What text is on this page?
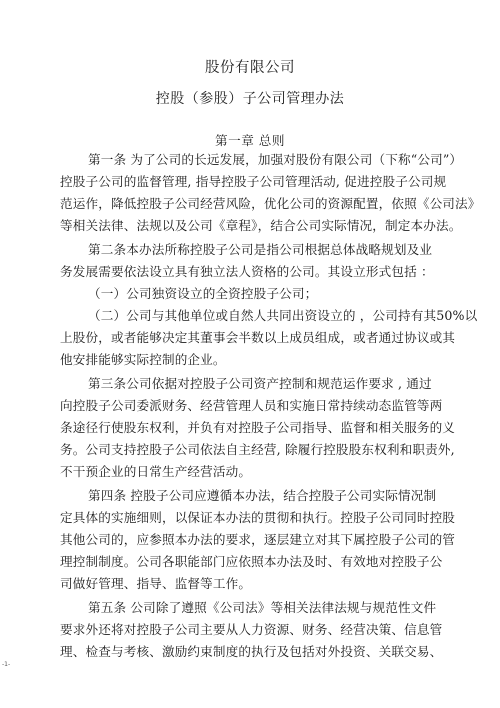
股份有限公司
控股（参股）子公司管理办法
第一章 总则
第一条 为了公司的长远发展，加强对股份有限公司（下称“公司”）
控股子公司的监督管理, 指导控股子公司管理活动, 促进控股子公司规
范运作，降低控股子公司经营风险，优化公司的资源配置，依照《公司法》
等相关法律、法规以及公司《章程》，结合公司实际情况，制定本办法。
第二条本办法所称控股子公司是指公司根据总体战略规划及业
务发展需要依法设立具有独立法人资格的公司。其设立形式包括 ：
（一）公司独资设立的全资控股子公司；
（二）公司与其他单位或自然人共同出资设立的 ，公司持有其50%以
上股份，或者能够决定其董事会半数以上成员组成，或者通过协议或其
他安排能够实际控制的企业。
第三条公司依据对控股子公司资产控制和规范运作要求 , 通过
向控股子公司委派财务、经营管理人员和实施日常持续动态监管等两
条途径行使股东权利，并负有对控股子公司指导、监督和相关服务的义
务。公司支持控股子公司依法自主经营, 除履行控股股东权利和职责外,
不干预企业的日常生产经营活动。
第四条 控股子公司应遵循本办法，结合控股子公司实际情况制
定具体的实施细则，以保证本办法的贯彻和执行。控股子公司同时控股
其他公司的，应参照本办法的要求，逐层建立对其下属控股子公司的管
理控制制度。公司各职能部门应依照本办法及时、有效地对控股子公
司做好管理、指导、监督等工作。
第五条 公司除了遵照《公司法》等相关法律法规与规范性文件
要求外还将对控股子公司主要从人力资源、财务、经营决策、信息管
理、检查与考核、激励约束制度的执行及包括对外投资、关联交易、
-1-
